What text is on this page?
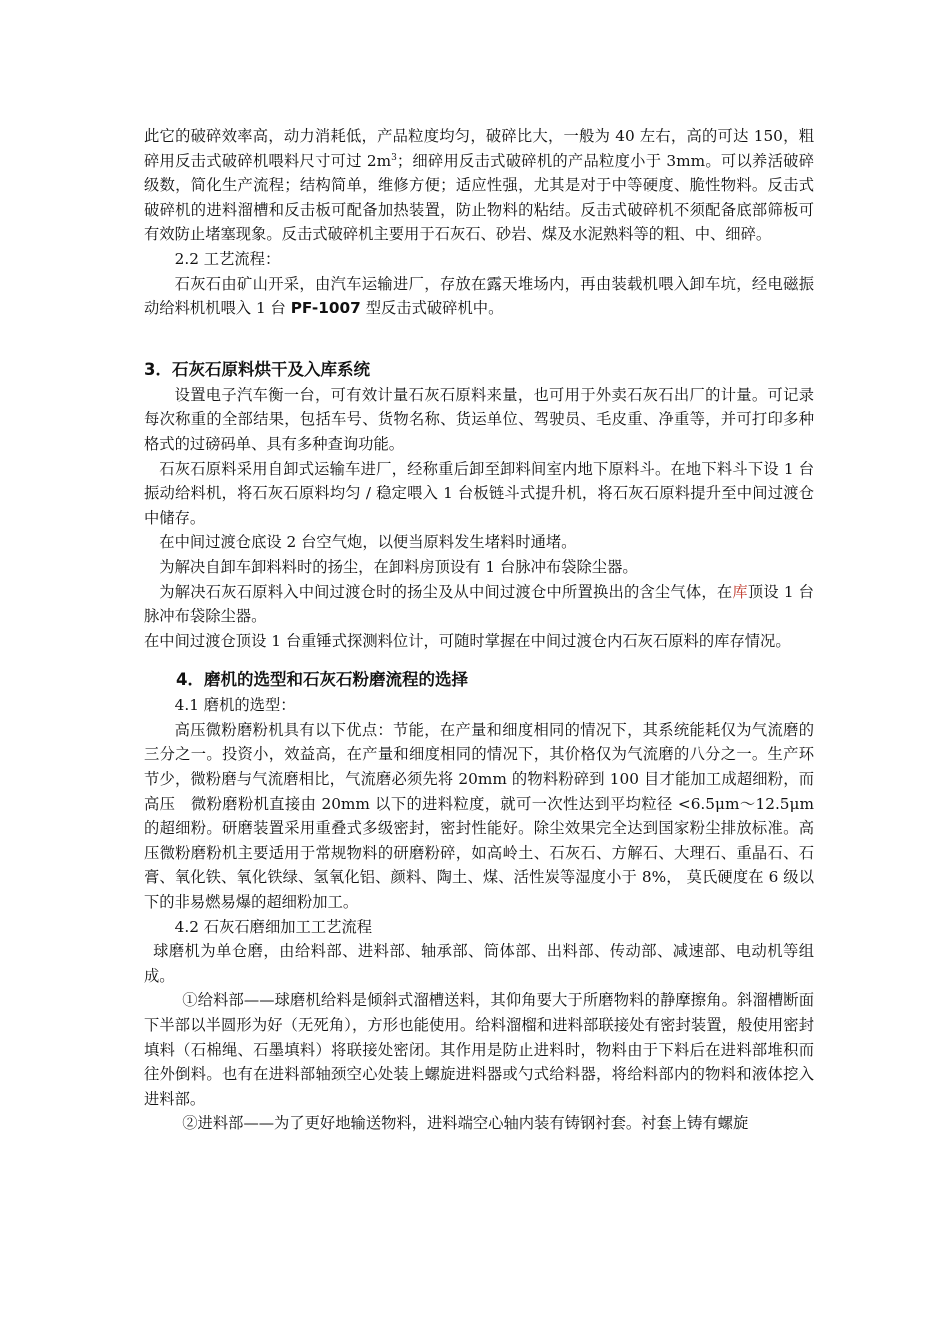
此它的破碎效率高，动力消耗低，产品粒度均匀，破碎比大，一般为 40 左右，高的可达 150，粗碎用反击式破碎机喂料尺寸可过 $2m^3$；细碎用反击式破碎机的产品粒度小于 3mm。可以养活破碎级数，简化生产流程；结构简单，维修方便；适应性强，尤其是对于中等硬度、脆性物料。反击式破碎机的进料溜槽和反击板可配备加热装置，防止物料的粘结。反击式破碎机不须配备底部筛板可有效防止堵塞现象。反击式破碎机主要用于石灰石、砂岩、煤及水泥熟料等的粗、中、细碎。

2.2 工艺流程：

石灰石由矿山开采，由汽车运输进厂，存放在露天堆场内，再由装载机喂入卸车坑，经电磁振动给料机机喂入 1 台 PF-1007 型反击式破碎机中。

3．石灰石原料烘干及入库系统

设置电子汽车衡一台，可有效计量石灰石原料来量，也可用于外卖石灰石出厂的计量。可记录每次称重的全部结果，包括车号、货物名称、货运单位、驾驶员、毛皮重、净重等，并可打印多种格式的过磅码单、具有多种查询功能。

石灰石原料采用自卸式运输车进厂，经称重后卸至卸料间室内地下原料斗。在地下料斗下设 1 台振动给料机，将石灰石原料均匀 / 稳定喂入 1 台板链斗式提升机，将石灰石原料提升至中间过渡仓中储存。

在中间过渡仓底设 2 台空气炮，以便当原料发生堵料时通堵。

为解决自卸车卸料料时的扬尘，在卸料房顶设有 1 台脉冲布袋除尘器。

为解决石灰石原料入中间过渡仓时的扬尘及从中间过渡仓中所置换出的含尘气体，在库顶设 1 台脉冲布袋除尘器。

在中间过渡仓顶设 1 台重锤式探测料位计，可随时掌握在中间过渡仓内石灰石原料的库存情况。

4．磨机的选型和石灰石粉磨流程的选择

4.1 磨机的选型：

高压微粉磨粉机具有以下优点：节能，在产量和细度相同的情况下，其系统能耗仅为气流磨的三分之一。投资小，效益高，在产量和细度相同的情况下，其价格仅为气流磨的八分之一。生产环节少，微粉磨与气流磨相比，气流磨必须先将 20mm 的物料粉碎到 100 目才能加工成超细粉，而高压　微粉磨粉机直接由 20mm 以下的进料粒度，就可一次性达到平均粒径 <6.5μm～12.5μm 的超细粉。研磨装置采用重叠式多级密封，密封性能好。除尘效果完全达到国家粉尘排放标准。高压微粉磨粉机主要适用于常规物料的研磨粉碎，如高岭土、石灰石、方解石、大理石、重晶石、石膏、氧化铁、氧化铁绿、氢氧化铝、颜料、陶土、煤、活性炭等湿度小于 8%， 莫氏硬度在 6 级以下的非易燃易爆的超细粉加工。

4.2 石灰石磨细加工工艺流程

球磨机为单仓磨，由给料部、进料部、轴承部、筒体部、出料部、传动部、减速部、电动机等组成。

①给料部——球磨机给料是倾斜式溜槽送料，其仰角要大于所磨物料的静摩擦角。斜溜槽断面下半部以半圆形为好（无死角），方形也能使用。给料溜榴和进料部联接处有密封装置，般使用密封填料（石棉绳、石墨填料）将联接处密闭。其作用是防止进料时，物料由于下料后在进料部堆积而往外倒料。也有在进料部轴颈空心处装上螺旋进料器或勺式给料器，将给料部内的物料和液体挖入进料部。

②进料部——为了更好地输送物料，进料端空心轴内装有铸钢衬套。衬套上铸有螺旋
